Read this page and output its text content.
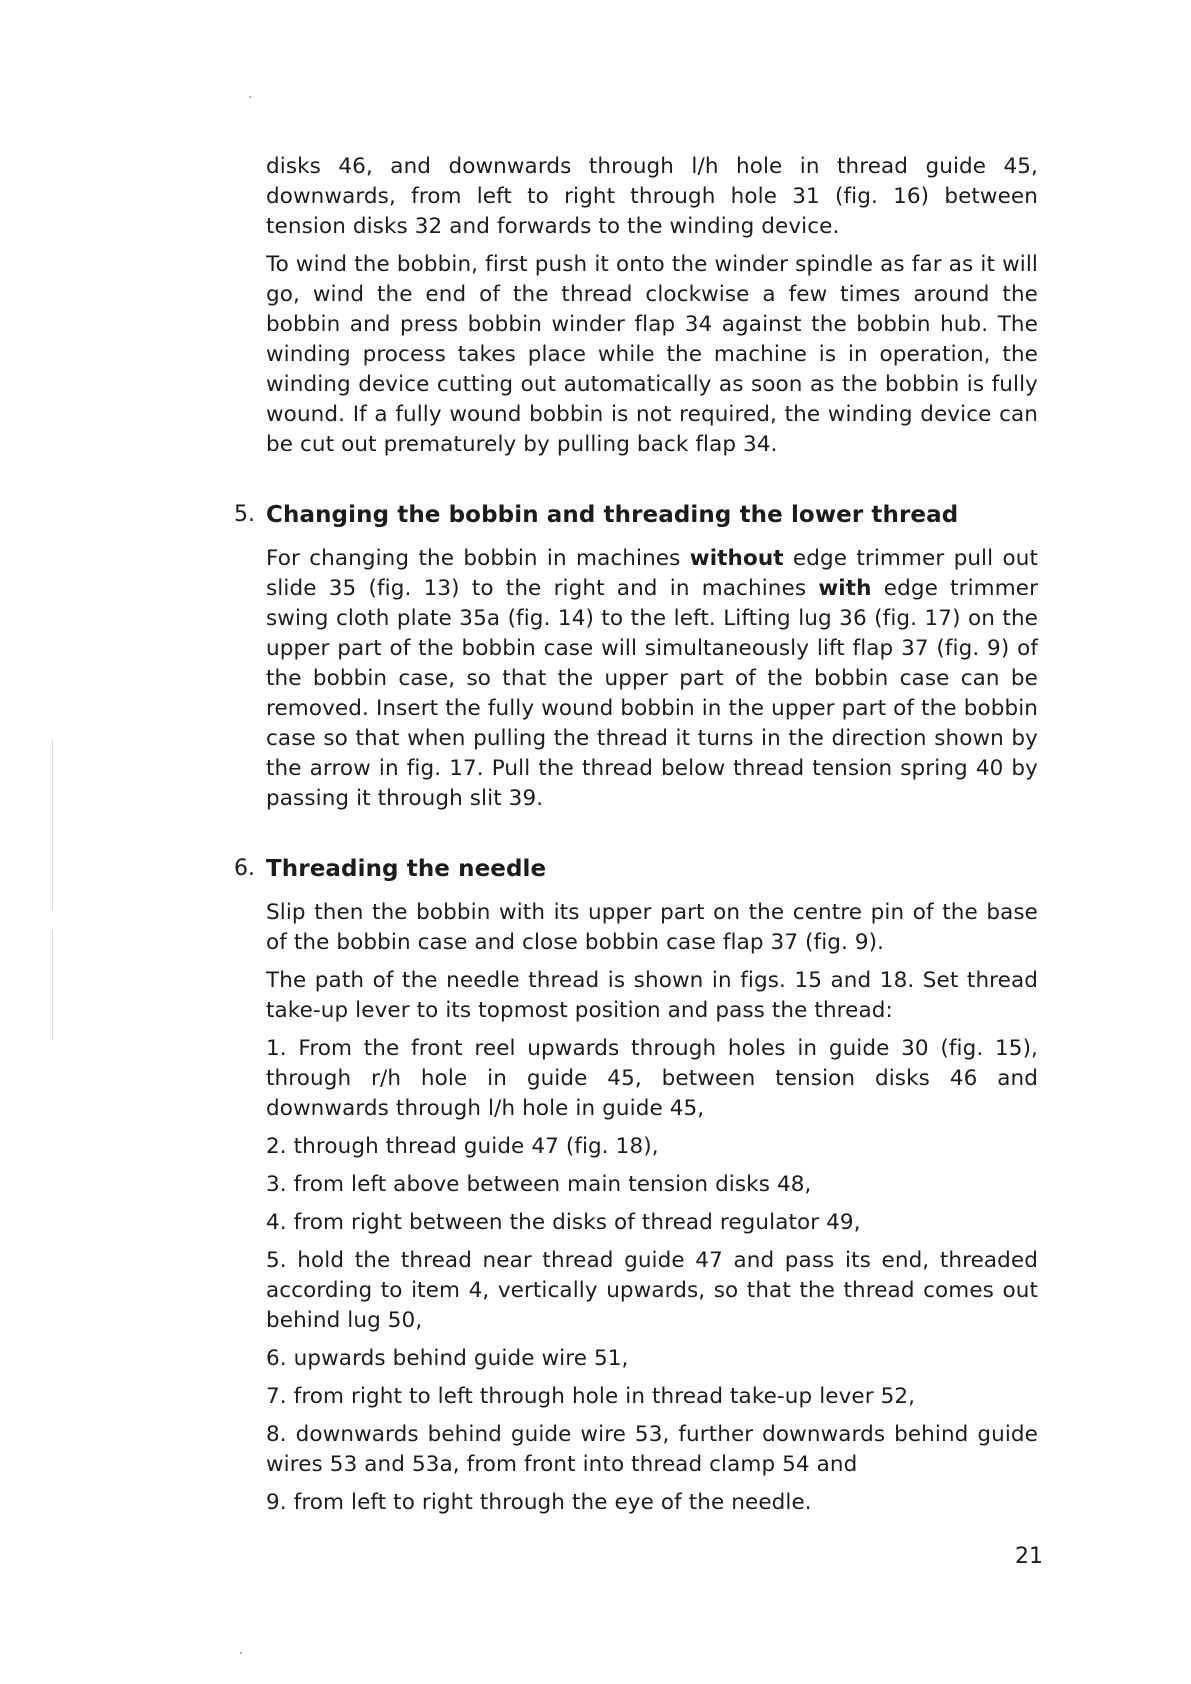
disks 46, and downwards through l/h hole in thread guide 45, downwards, from left to right through hole 31 (fig. 16) between tension disks 32 and forwards to the winding device.

To wind the bobbin, first push it onto the winder spindle as far as it will go, wind the end of the thread clockwise a few times around the bobbin and press bobbin winder flap 34 against the bobbin hub. The winding process takes place while the machine is in operation, the winding device cutting out automatically as soon as the bobbin is fully wound. If a fully wound bobbin is not required, the winding device can be cut out prematurely by pulling back flap 34.

5. Changing the bobbin and threading the lower thread

For changing the bobbin in machines without edge trimmer pull out slide 35 (fig. 13) to the right and in machines with edge trimmer swing cloth plate 35a (fig. 14) to the left. Lifting lug 36 (fig. 17) on the upper part of the bobbin case will simultaneously lift flap 37 (fig. 9) of the bobbin case, so that the upper part of the bobbin case can be removed. Insert the fully wound bobbin in the upper part of the bobbin case so that when pulling the thread it turns in the direction shown by the arrow in fig. 17. Pull the thread below thread tension spring 40 by passing it through slit 39.

6. Threading the needle

Slip then the bobbin with its upper part on the centre pin of the base of the bobbin case and close bobbin case flap 37 (fig. 9).

The path of the needle thread is shown in figs. 15 and 18. Set thread take-up lever to its topmost position and pass the thread:

1. From the front reel upwards through holes in guide 30 (fig. 15), through r/h hole in guide 45, between tension disks 46 and downwards through l/h hole in guide 45,

2. through thread guide 47 (fig. 18),

3. from left above between main tension disks 48,

4. from right between the disks of thread regulator 49,

5. hold the thread near thread guide 47 and pass its end, threaded according to item 4, vertically upwards, so that the thread comes out behind lug 50,

6. upwards behind guide wire 51,

7. from right to left through hole in thread take-up lever 52,

8. downwards behind guide wire 53, further downwards behind guide wires 53 and 53a, from front into thread clamp 54 and

9. from left to right through the eye of the needle.

21
